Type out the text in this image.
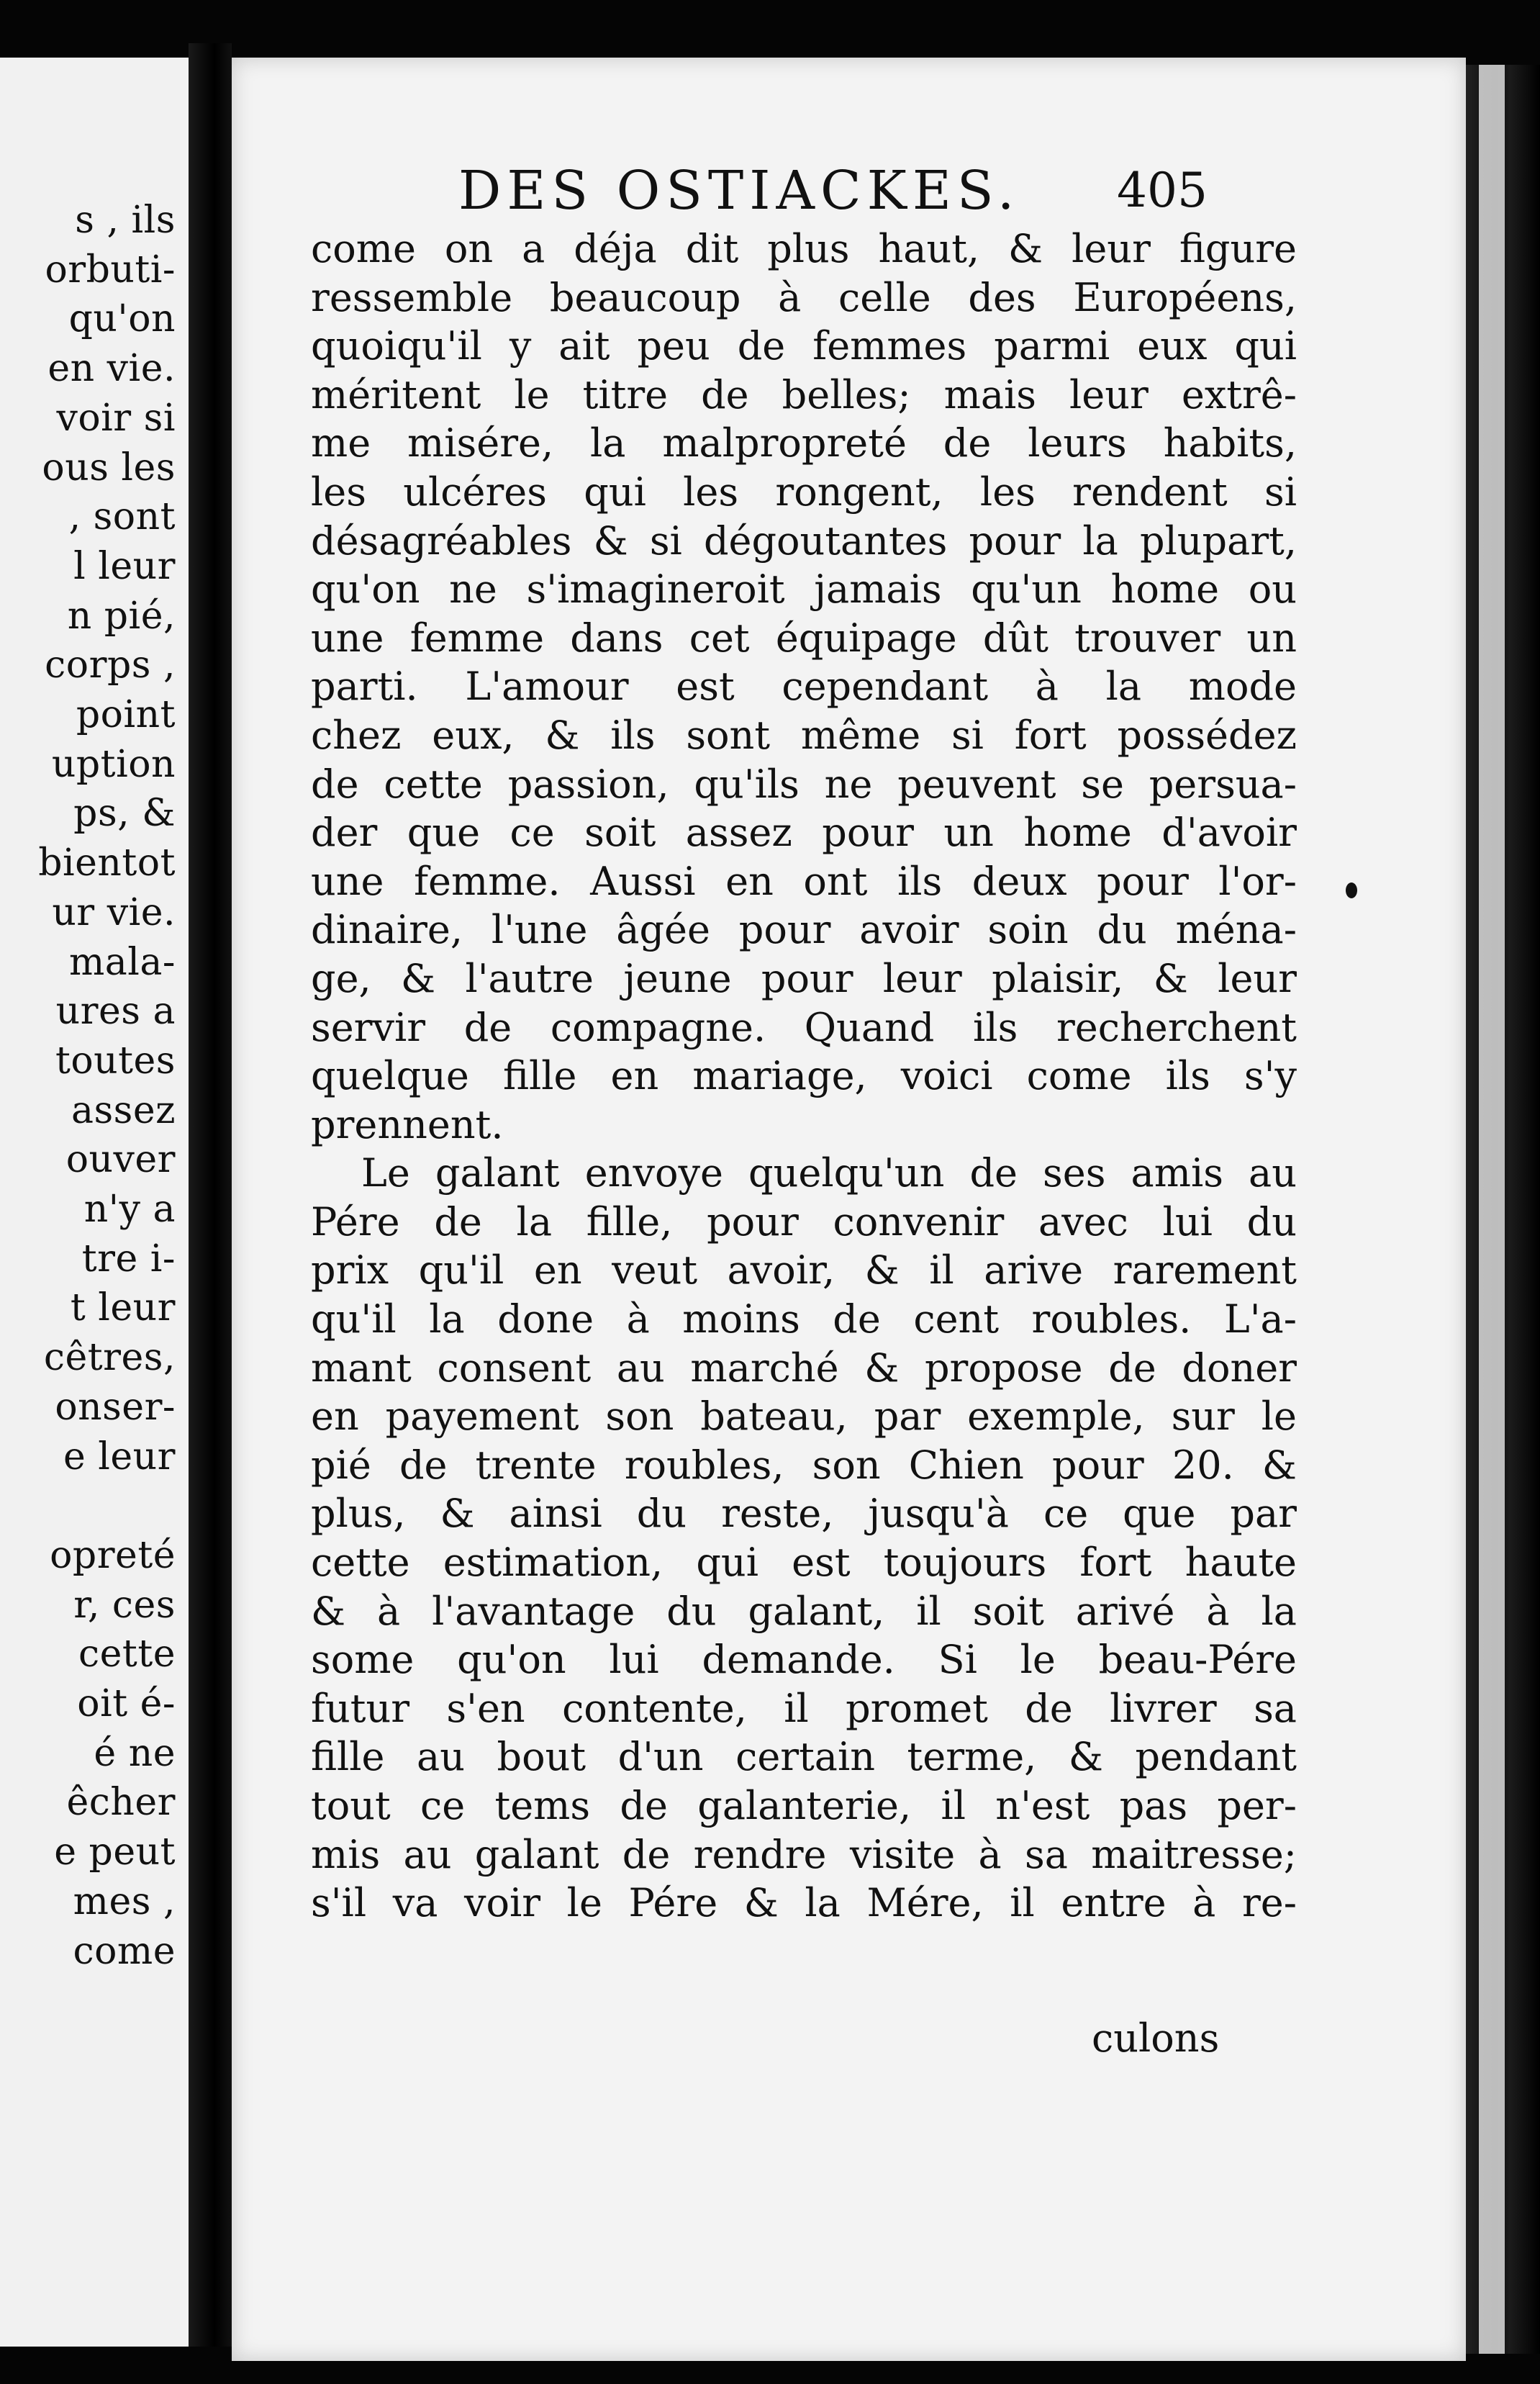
s , ils
orbuti-
qu'on
en vie.
voir si
ous les
, sont
l leur
n pié,
corps ,
point
uption
ps, &
bientot
ur vie.
mala-
ures a
toutes
assez
ouver
n'y a
tre i-
t leur
cêtres,
onser-
e leur
opreté
r, ces
cette
oit é-
é ne
êcher
e peut
mes ,
come
DES OSTIACKES. 405
come on a déja dit plus haut, & leur figure
ressemble beaucoup à celle des Européens,
quoiqu'il y ait peu de femmes parmi eux qui
méritent le titre de belles; mais leur extrê-
me misére, la malpropreté de leurs habits,
les ulcéres qui les rongent, les rendent si
désagréables & si dégoutantes pour la plupart,
qu'on ne s'imagineroit jamais qu'un home ou
une femme dans cet équipage dût trouver un
parti. L'amour est cependant à la mode
chez eux, & ils sont même si fort possédez
de cette passion, qu'ils ne peuvent se persua-
der que ce soit assez pour un home d'avoir
une femme. Aussi en ont ils deux pour l'or-
dinaire, l'une âgée pour avoir soin du ména-
ge, & l'autre jeune pour leur plaisir, & leur
servir de compagne. Quand ils recherchent
quelque fille en mariage, voici come ils s'y
prennent.
Le galant envoye quelqu'un de ses amis au
Pére de la fille, pour convenir avec lui du
prix qu'il en veut avoir, & il arive rarement
qu'il la done à moins de cent roubles. L'a-
mant consent au marché & propose de doner
en payement son bateau, par exemple, sur le
pié de trente roubles, son Chien pour 20. &
plus, & ainsi du reste, jusqu'à ce que par
cette estimation, qui est toujours fort haute
& à l'avantage du galant, il soit arivé à la
some qu'on lui demande. Si le beau-Pére
futur s'en contente, il promet de livrer sa
fille au bout d'un certain terme, & pendant
tout ce tems de galanterie, il n'est pas per-
mis au galant de rendre visite à sa maitresse;
s'il va voir le Pére & la Mére, il entre à re-
culons
